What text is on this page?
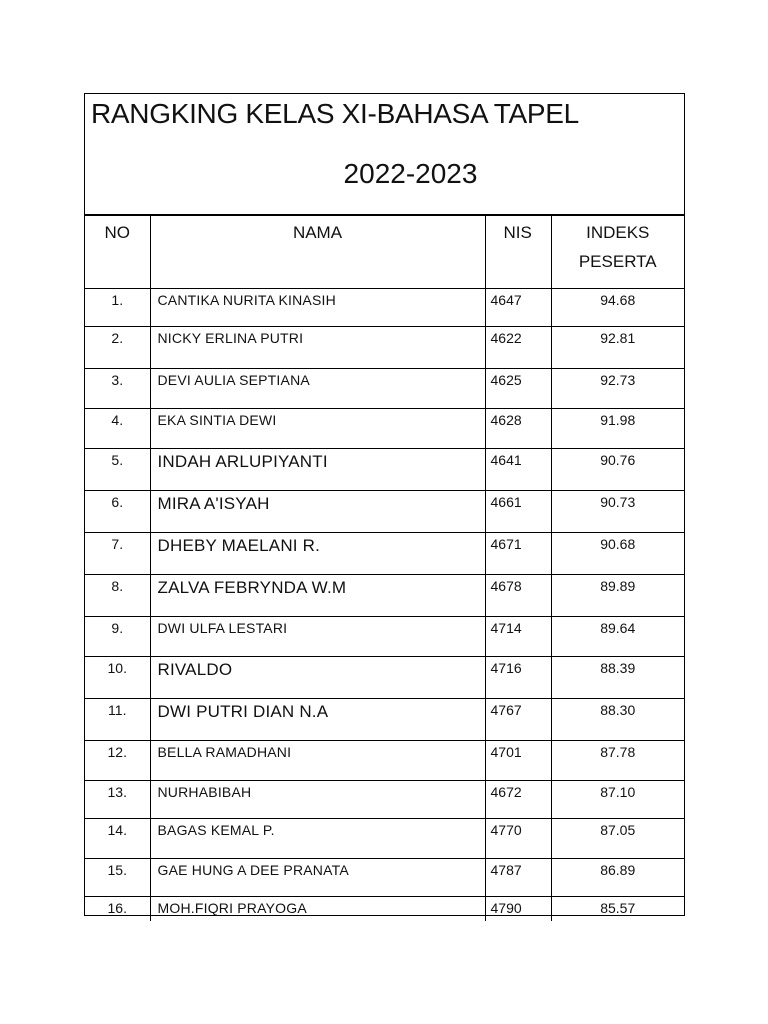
RANGKING KELAS XI-BAHASA TAPEL
2022-2023
NO	NAMA	NIS	INDEKS
PESERTA

1.	CANTIKA NURITA KINASIH	4647	94.68
2.	NICKY ERLINA PUTRI	4622	92.81
3.	DEVI AULIA SEPTIANA	4625	92.73
4.	EKA SINTIA DEWI	4628	91.98
5.	INDAH ARLUPIYANTI	4641	90.76
6.	MIRA A'ISYAH	4661	90.73
7.	DHEBY MAELANI R.	4671	90.68
8.	ZALVA FEBRYNDA W.M	4678	89.89
9.	DWI ULFA LESTARI	4714	89.64
10.	RIVALDO	4716	88.39
11.	DWI PUTRI DIAN N.A	4767	88.30
12.	BELLA RAMADHANI	4701	87.78
13.	NURHABIBAH	4672	87.10
14.	BAGAS KEMAL P.	4770	87.05
15.	GAE HUNG A DEE PRANATA	4787	86.89
16.	MOH.FIQRI PRAYOGA	4790	85.57
